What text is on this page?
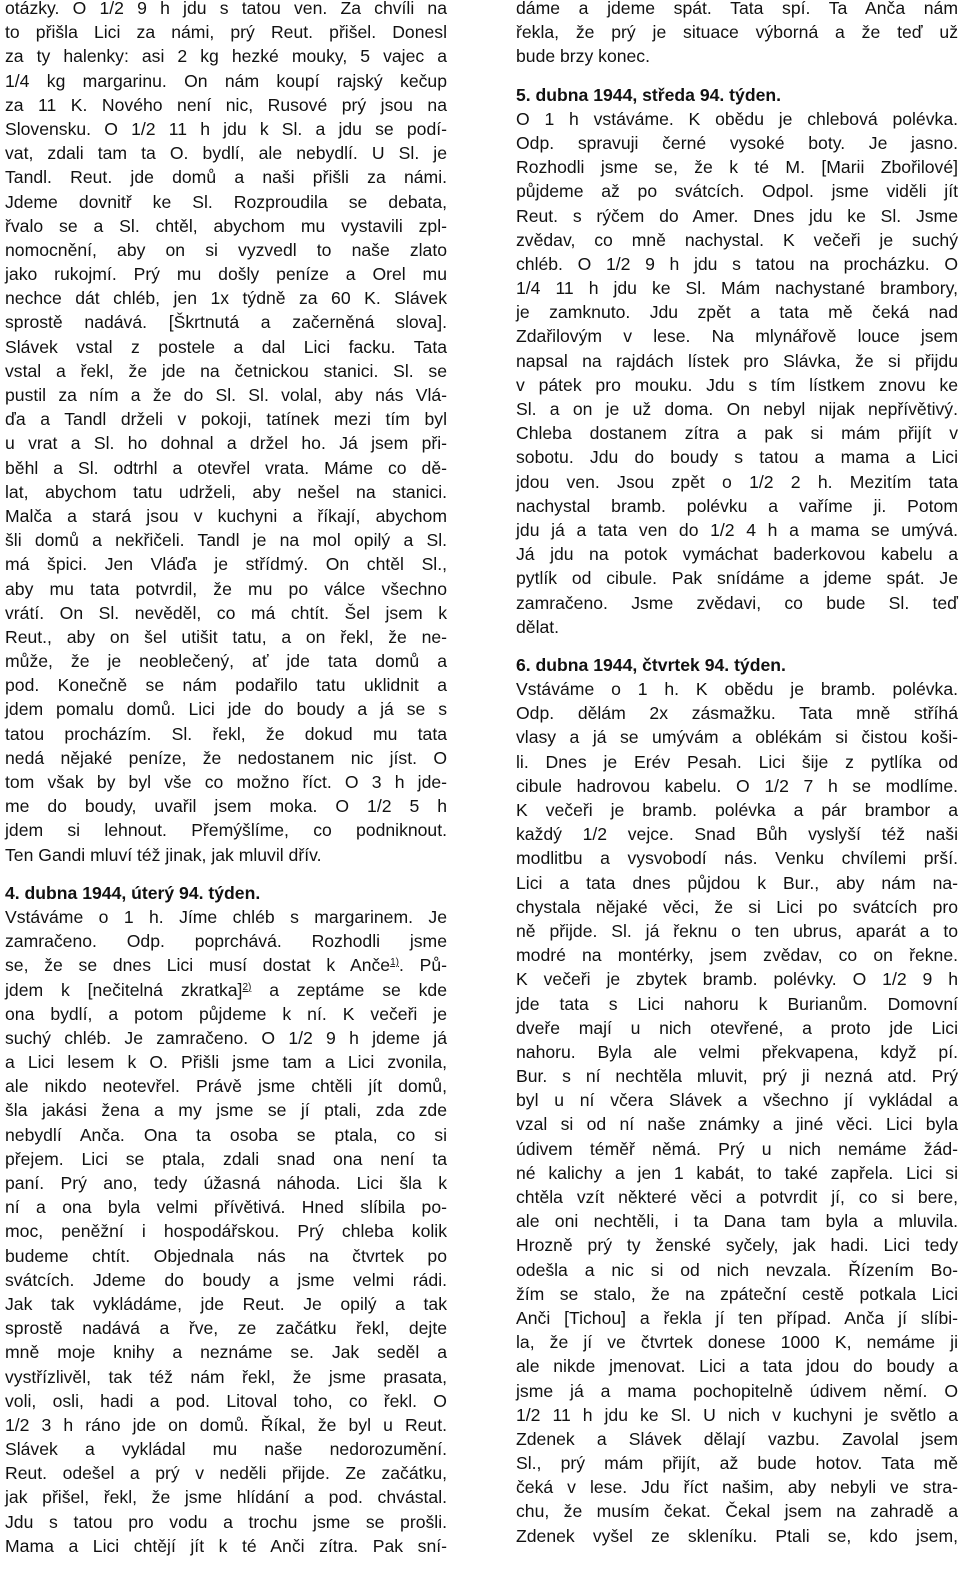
otázky. O 1/2 9 h jdu s tatou ven. Za chvíli na
to přišla Lici za námi, prý Reut. přišel. Donesl
za ty halenky: asi 2 kg hezké mouky, 5 vajec a
1/4 kg margarinu. On nám koupí rajský kečup
za 11 K. Nového není nic, Rusové prý jsou na
Slovensku. O 1/2 11 h jdu k Sl. a jdu se podí-
vat, zdali tam ta O. bydlí, ale nebydlí. U Sl. je
Tandl. Reut. jde domů a naši přišli za námi.
Jdeme dovnitř ke Sl. Rozproudila se debata,
řvalo se a Sl. chtěl, abychom mu vystavili zpl-
nomocnění, aby on si vyzvedl to naše zlato
jako rukojmí. Prý mu došly peníze a Orel mu
nechce dát chléb, jen 1x týdně za 60 K. Slávek
sprostě nadává. [Škrtnutá a začerněná slova].
Slávek vstal z postele a dal Lici facku. Tata
vstal a řekl, že jde na četnickou stanici. Sl. se
pustil za ním a že do Sl. Sl. volal, aby nás Vlá-
ďa a Tandl drželi v pokoji, tatínek mezi tím byl
u vrat a Sl. ho dohnal a držel ho. Já jsem při-
běhl a Sl. odtrhl a otevřel vrata. Máme co dě-
lat, abychom tatu udrželi, aby nešel na stanici.
Malča a stará jsou v kuchyni a říkají, abychom
šli domů a nekřičeli. Tandl je na mol opilý a Sl.
má špici. Jen Vláďa je střídmý. On chtěl Sl.,
aby mu tata potvrdil, že mu po válce všechno
vrátí. On Sl. nevěděl, co má chtít. Šel jsem k
Reut., aby on šel utišit tatu, a on řekl, že ne-
může, že je neoblečený, ať jde tata domů a
pod. Konečně se nám podařilo tatu uklidnit a
jdem pomalu domů. Lici jde do boudy a já se s
tatou procházím. Sl. řekl, že dokud mu tata
nedá nějaké peníze, že nedostanem nic jíst. O
tom však by byl vše co možno říct. O 3 h jde-
me do boudy, uvařil jsem moka. O 1/2 5 h
jdem si lehnout. Přemýšlíme, co podniknout.
Ten Gandi mluví též jinak, jak mluvil dřív.
4. dubna 1944, úterý 94. týden.
Vstáváme o 1 h. Jíme chléb s margarinem. Je
zamračeno. Odp. poprchává. Rozhodli jsme
se, že se dnes Lici musí dostat k Anče$^{1)}$. Pů-
jdem k [nečitelná zkratka]$^{2)}$ a zeptáme se kde
ona bydlí, a potom půjdeme k ní. K večeři je
suchý chléb. Je zamračeno. O 1/2 9 h jdeme já
a Lici lesem k O. Přišli jsme tam a Lici zvonila,
ale nikdo neotevřel. Právě jsme chtěli jít domů,
šla jakási žena a my jsme se jí ptali, zda zde
nebydlí Anča. Ona ta osoba se ptala, co si
přejem. Lici se ptala, zdali snad ona není ta
paní. Prý ano, tedy úžasná náhoda. Lici šla k
ní a ona byla velmi přívětivá. Hned slíbila po-
moc, peněžní i hospodářskou. Prý chleba kolik
budeme chtít. Objednala nás na čtvrtek po
svátcích. Jdeme do boudy a jsme velmi rádi.
Jak tak vykládáme, jde Reut. Je opilý a tak
sprostě nadává a řve, ze začátku řekl, dejte
mně moje knihy a neznáme se. Jak seděl a
vystřízlivěl, tak též nám řekl, že jsme prasata,
voli, osli, hadi a pod. Litoval toho, co řekl. O
1/2 3 h ráno jde on domů. Říkal, že byl u Reut.
Slávek a vykládal mu naše nedorozumění.
Reut. odešel a prý v neděli přijde. Ze začátku,
jak přišel, řekl, že jsme hlídání a pod. chvástal.
Jdu s tatou pro vodu a trochu jsme se prošli.
Mama a Lici chtějí jít k té Anči zítra. Pak sní-
dáme a jdeme spát. Tata spí. Ta Anča nám
řekla, že prý je situace výborná a že teď už
bude brzy konec.
5. dubna 1944, středa 94. týden.
O 1 h vstáváme. K obědu je chlebová polévka.
Odp. spravuji černé vysoké boty. Je jasno.
Rozhodli jsme se, že k té M. [Marii Zbořilové]
půjdeme až po svátcích. Odpol. jsme viděli jít
Reut. s rýčem do Amer. Dnes jdu ke Sl. Jsme
zvědav, co mně nachystal. K večeři je suchý
chléb. O 1/2 9 h jdu s tatou na procházku. O
1/4 11 h jdu ke Sl. Mám nachystané brambory,
je zamknuto. Jdu zpět a tata mě čeká nad
Zdařilovým v lese. Na mlynářově louce jsem
napsal na rajdách lístek pro Slávka, že si přijdu
v pátek pro mouku. Jdu s tím lístkem znovu ke
Sl. a on je už doma. On nebyl nijak nepřívětivý.
Chleba dostanem zítra a pak si mám přijít v
sobotu. Jdu do boudy s tatou a mama a Lici
jdou ven. Jsou zpět o 1/2 2 h. Mezitím tata
nachystal bramb. polévku a vaříme ji. Potom
jdu já a tata ven do 1/2 4 h a mama se umývá.
Já jdu na potok vymáchat baderkovou kabelu a
pytlík od cibule. Pak snídáme a jdeme spát. Je
zamračeno. Jsme zvědavi, co bude Sl. teď
dělat.
6. dubna 1944, čtvrtek 94. týden.
Vstáváme o 1 h. K obědu je bramb. polévka.
Odp. dělám 2x zásmažku. Tata mně stříhá
vlasy a já se umývám a oblékám si čistou koši-
li. Dnes je Erév Pesah. Lici šije z pytlíka od
cibule hadrovou kabelu. O 1/2 7 h se modlíme.
K večeři je bramb. polévka a pár brambor a
každý 1/2 vejce. Snad Bůh vyslyší též naši
modlitbu a vysvobodí nás. Venku chvílemi prší.
Lici a tata dnes půjdou k Bur., aby nám na-
chystala nějaké věci, že si Lici po svátcích pro
ně přijde. Sl. já řeknu o ten ubrus, aparát a to
modré na montérky, jsem zvědav, co on řekne.
K večeři je zbytek bramb. polévky. O 1/2 9 h
jde tata s Lici nahoru k Burianům. Domovní
dveře mají u nich otevřené, a proto jde Lici
nahoru. Byla ale velmi překvapena, když pí.
Bur. s ní nechtěla mluvit, prý ji nezná atd. Prý
byl u ní včera Slávek a všechno jí vykládal a
vzal si od ní naše známky a jiné věci. Lici byla
údivem téměř němá. Prý u nich nemáme žád-
né kalichy a jen 1 kabát, to také zapřela. Lici si
chtěla vzít některé věci a potvrdit jí, co si bere,
ale oni nechtěli, i ta Dana tam byla a mluvila.
Hrozně prý ty ženské syčely, jak hadi. Lici tedy
odešla a nic si od nich nevzala. Řízením Bo-
žím se stalo, že na zpáteční cestě potkala Lici
Anči [Tichou] a řekla jí ten případ. Anča jí slíbi-
la, že jí ve čtvrtek donese 1000 K, nemáme ji
ale nikde jmenovat. Lici a tata jdou do boudy a
jsme já a mama pochopitelně údivem němí. O
1/2 11 h jdu ke Sl. U nich v kuchyni je světlo a
Zdenek a Slávek dělají vazbu. Zavolal jsem
Sl., prý mám přijít, až bude hotov. Tata mě
čeká v lese. Jdu říct našim, aby nebyli ve stra-
chu, že musím čekat. Čekal jsem na zahradě a
Zdenek vyšel ze skleníku. Ptali se, kdo jsem,
